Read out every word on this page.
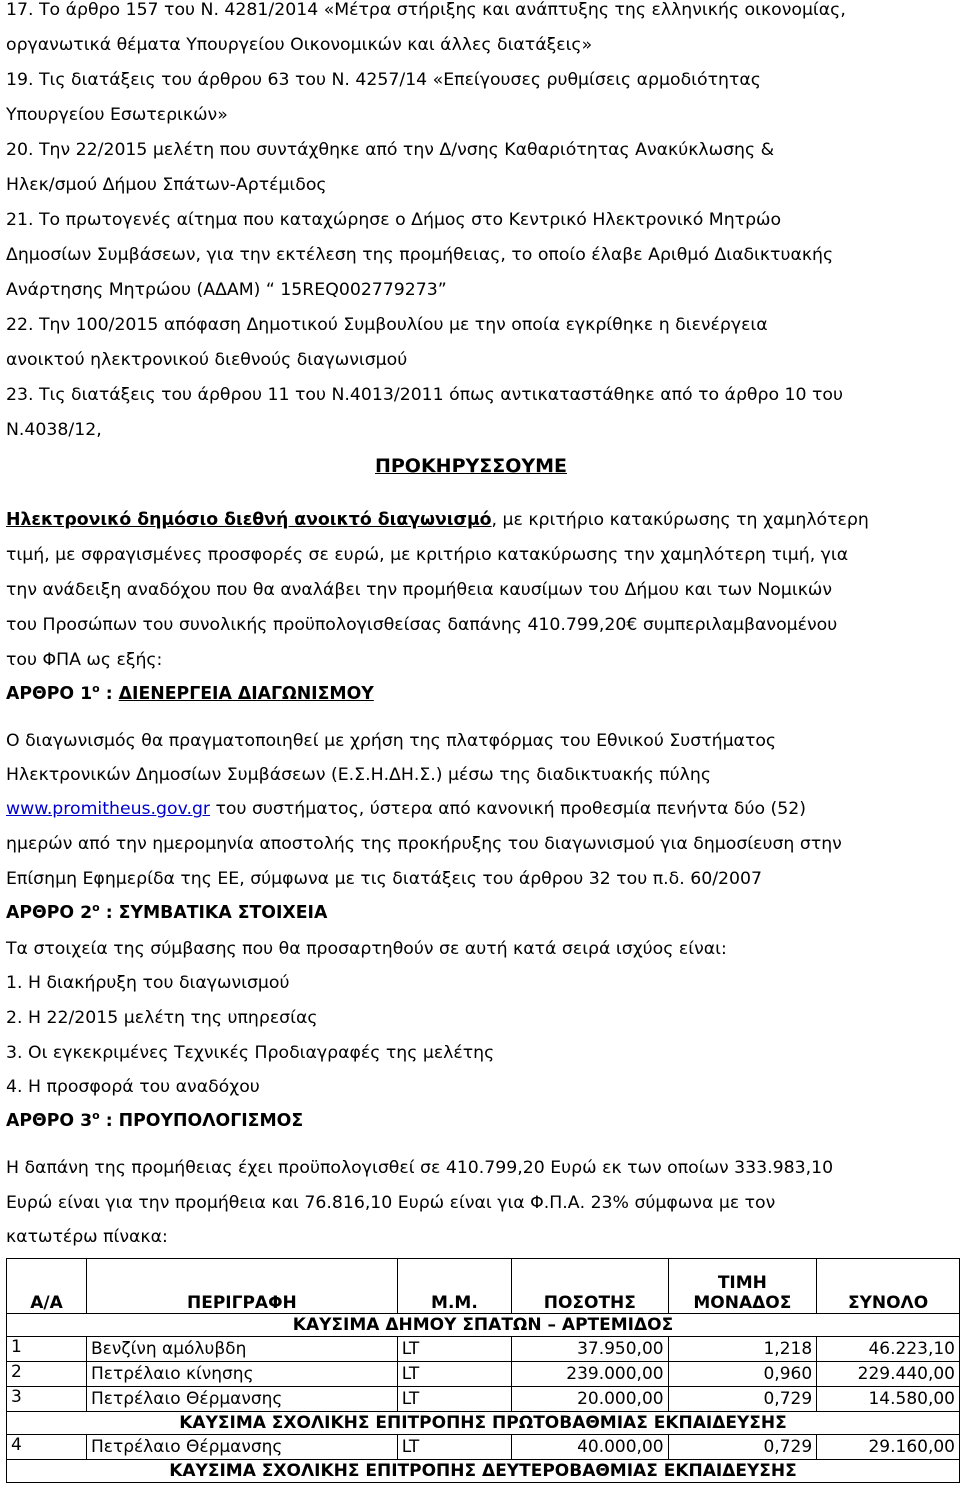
17. Το άρθρο 157 του Ν. 4281/2014 «Μέτρα στήριξης και ανάπτυξης της ελληνικής οικονομίας,
οργανωτικά θέματα Υπουργείου Οικονομικών και άλλες διατάξεις»
19. Τις διατάξεις του άρθρου 63 του Ν. 4257/14 «Επείγουσες ρυθμίσεις αρμοδιότητας
Υπουργείου Εσωτερικών»
20. Την 22/2015 μελέτη που συντάχθηκε από την Δ/νσης Καθαριότητας Ανακύκλωσης &
Ηλεκ/σμού Δήμου Σπάτων-Αρτέμιδος
21. Το πρωτογενές αίτημα που καταχώρησε ο Δήμος στο Κεντρικό Ηλεκτρονικό Μητρώο
Δημοσίων Συμβάσεων, για την εκτέλεση της προμήθειας, το οποίο έλαβε Αριθμό Διαδικτυακής
Ανάρτησης Μητρώου (ΑΔΑΜ) “ 15REQ002779273”
22. Την 100/2015 απόφαση Δημοτικού Συμβουλίου με την οποία εγκρίθηκε η διενέργεια
ανοικτού ηλεκτρονικού διεθνούς διαγωνισμού
23. Τις διατάξεις του άρθρου 11 του Ν.4013/2011 όπως αντικαταστάθηκε από το άρθρο 10 του
Ν.4038/12,
ΠΡΟΚΗΡΥΣΣΟΥΜΕ
Ηλεκτρονικό δημόσιο διεθνή ανοικτό διαγωνισμό, με κριτήριο κατακύρωσης τη χαμηλότερη
τιμή, με σφραγισμένες προσφορές σε ευρώ, με κριτήριο κατακύρωσης την χαμηλότερη τιμή, για
την ανάδειξη αναδόχου που θα αναλάβει την προμήθεια καυσίμων του Δήμου και των Νομικών
του Προσώπων του συνολικής προϋπολογισθείσας δαπάνης 410.799,20€ συμπεριλαμβανομένου
του ΦΠΑ ως εξής:
ΑΡΘΡΟ $1^o$ : ΔΙΕΝΕΡΓΕΙΑ ΔΙΑΓΩΝΙΣΜΟΥ
Ο διαγωνισμός θα πραγματοποιηθεί με χρήση της πλατφόρμας του Εθνικού Συστήματος
Ηλεκτρονικών Δημοσίων Συμβάσεων (Ε.Σ.Η.ΔΗ.Σ.) μέσω της διαδικτυακής πύλης
www.promitheus.gov.gr του συστήματος, ύστερα από κανονική προθεσμία πενήντα δύο (52)
ημερών από την ημερομηνία αποστολής της προκήρυξης του διαγωνισμού για δημοσίευση στην
Επίσημη Εφημερίδα της ΕΕ, σύμφωνα με τις διατάξεις του άρθρου 32 του π.δ. 60/2007
ΑΡΘΡΟ $2^o$ : ΣΥΜΒΑΤΙΚΑ ΣΤΟΙΧΕΙΑ
Τα στοιχεία της σύμβασης που θα προσαρτηθούν σε αυτή κατά σειρά ισχύος είναι:
1. Η διακήρυξη του διαγωνισμού
2. Η 22/2015 μελέτη της υπηρεσίας
3. Οι εγκεκριμένες Τεχνικές Προδιαγραφές της μελέτης
4. Η προσφορά του αναδόχου
ΑΡΘΡΟ $3^o$ : ΠΡΟΥΠΟΛΟΓΙΣΜΟΣ
Η δαπάνη της προμήθειας έχει προϋπολογισθεί σε 410.799,20 Ευρώ εκ των οποίων 333.983,10
Ευρώ είναι για την προμήθεια και 76.816,10 Ευρώ είναι για Φ.Π.Α. 23% σύμφωνα με τον
κατωτέρω πίνακα:
Α/Α	ΠΕΡΙΓΡΑΦΗ	Μ.Μ.	ΠΟΣΟΤΗΣ	ΤΙΜΗ
ΜΟΝΑΔΟΣ	ΣΥΝΟΛΟ
ΚΑΥΣΙΜΑ ΔΗΜΟΥ ΣΠΑΤΩΝ – ΑΡΤΕΜΙΔΟΣ					
1	Βενζίνη αμόλυβδη	LT	37.950,00	1,218	46.223,10
2	Πετρέλαιο κίνησης	LT	239.000,00	0,960	229.440,00
3	Πετρέλαιο Θέρμανσης	LT	20.000,00	0,729	14.580,00
ΚΑΥΣΙΜΑ ΣΧΟΛΙΚΗΣ ΕΠΙΤΡΟΠΗΣ ΠΡΩΤΟΒΑΘΜΙΑΣ ΕΚΠΑΙΔΕΥΣΗΣ					
4	Πετρέλαιο Θέρμανσης	LT	40.000,00	0,729	29.160,00
ΚΑΥΣΙΜΑ ΣΧΟΛΙΚΗΣ ΕΠΙΤΡΟΠΗΣ ΔΕΥΤΕΡΟΒΑΘΜΙΑΣ ΕΚΠΑΙΔΕΥΣΗΣ					
